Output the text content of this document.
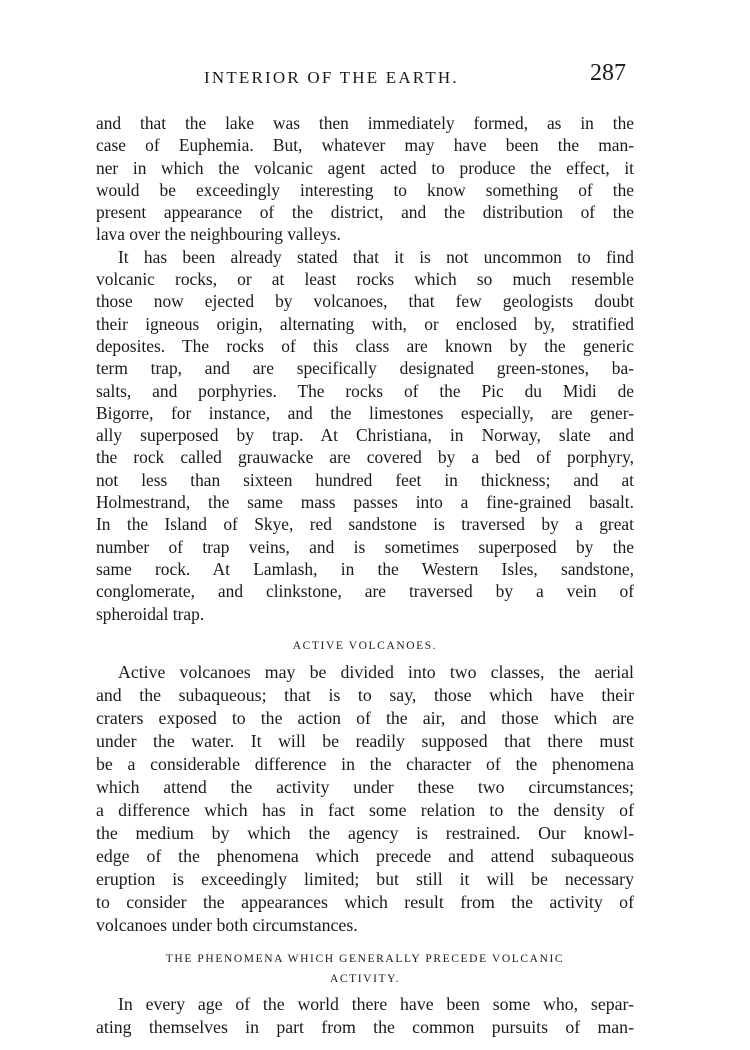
INTERIOR OF THE EARTH.	287
and that the lake was then immediately formed, as in the
case of Euphemia. But, whatever may have been the man-
ner in which the volcanic agent acted to produce the effect, it
would be exceedingly interesting to know something of the
present appearance of the district, and the distribution of the
lava over the neighbouring valleys.
It has been already stated that it is not uncommon to find
volcanic rocks, or at least rocks which so much resemble
those now ejected by volcanoes, that few geologists doubt
their igneous origin, alternating with, or enclosed by, stratified
deposites. The rocks of this class are known by the generic
term trap, and are specifically designated green-stones, ba-
salts, and porphyries. The rocks of the Pic du Midi de
Bigorre, for instance, and the limestones especially, are gener-
ally superposed by trap. At Christiana, in Norway, slate and
the rock called grauwacke are covered by a bed of porphyry,
not less than sixteen hundred feet in thickness; and at
Holmestrand, the same mass passes into a fine-grained basalt.
In the Island of Skye, red sandstone is traversed by a great
number of trap veins, and is sometimes superposed by the
same rock. At Lamlash, in the Western Isles, sandstone,
conglomerate, and clinkstone, are traversed by a vein of
spheroidal trap.
ACTIVE VOLCANOES.
Active volcanoes may be divided into two classes, the aerial
and the subaqueous; that is to say, those which have their
craters exposed to the action of the air, and those which are
under the water. It will be readily supposed that there must
be a considerable difference in the character of the phenomena
which attend the activity under these two circumstances;
a difference which has in fact some relation to the density of
the medium by which the agency is restrained. Our knowl-
edge of the phenomena which precede and attend subaqueous
eruption is exceedingly limited; but still it will be necessary
to consider the appearances which result from the activity of
volcanoes under both circumstances.
THE PHENOMENA WHICH GENERALLY PRECEDE VOLCANIC
ACTIVITY.
In every age of the world there have been some who, separ-
ating themselves in part from the common pursuits of man-
